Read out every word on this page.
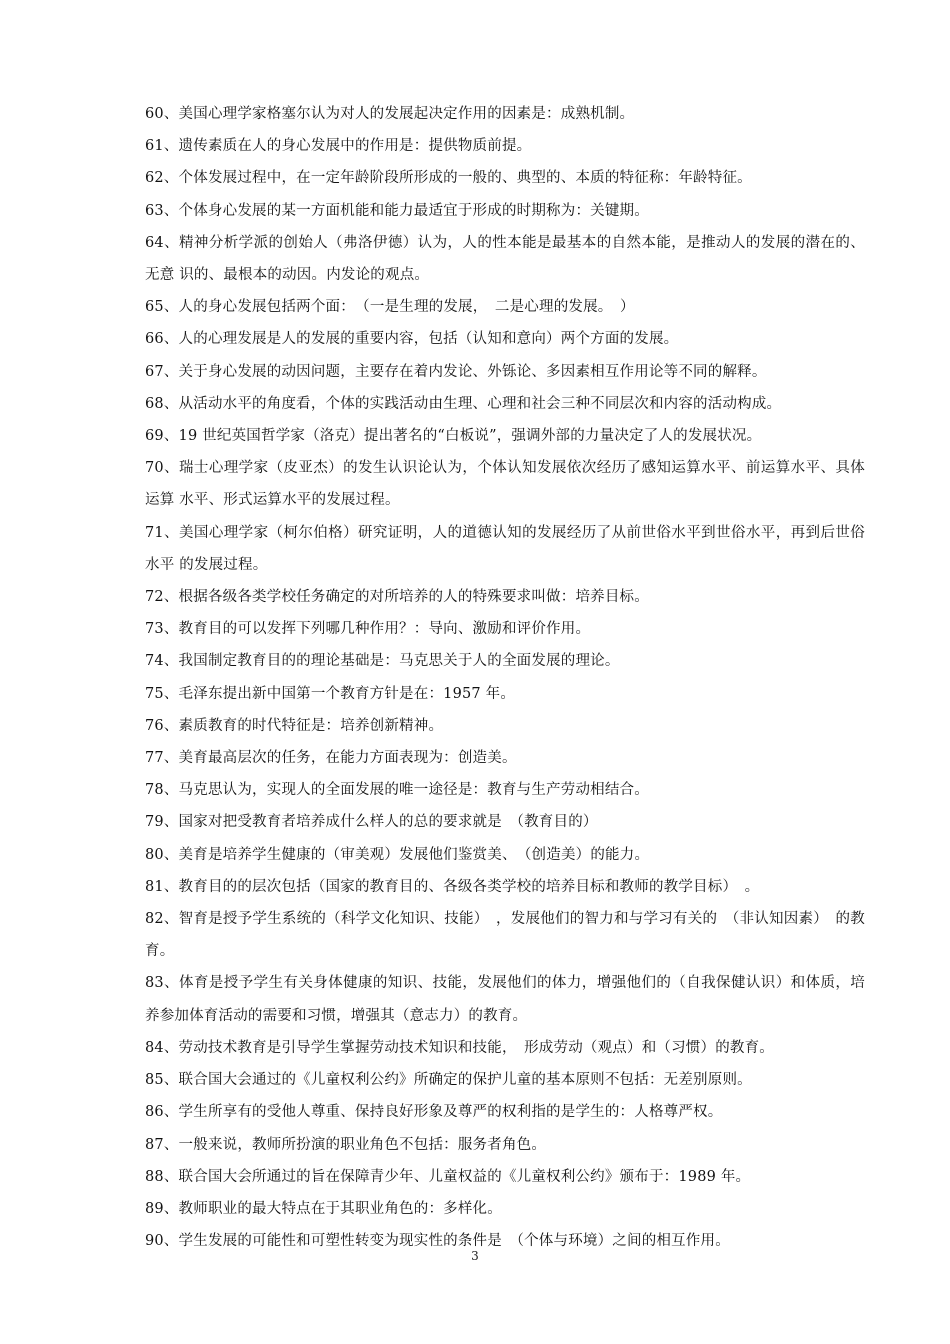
60、美国心理学家格塞尔认为对人的发展起决定作用的因素是：成熟机制。

61、遗传素质在人的身心发展中的作用是：提供物质前提。

62、个体发展过程中，在一定年龄阶段所形成的一般的、典型的、本质的特征称：年龄特征。

63、个体身心发展的某一方面机能和能力最适宜于形成的时期称为：关键期。

64、精神分析学派的创始人（弗洛伊德）认为，人的性本能是最基本的自然本能，是推动人的发展的潜在的、无意 识的、最根本的动因。内发论的观点。

65、人的身心发展包括两个面：　（一是生理的发展，　二是心理的发展。　）

66、人的心理发展是人的发展的重要内容，包括（认知和意向）两个方面的发展。

67、关于身心发展的动因问题，主要存在着内发论、外铄论、多因素相互作用论等不同的解释。

68、从活动水平的角度看，个体的实践活动由生理、心理和社会三种不同层次和内容的活动构成。

69、19 世纪英国哲学家（洛克）提出著名的“白板说”，强调外部的力量决定了人的发展状况。

70、瑞士心理学家（皮亚杰）的发生认识论认为，个体认知发展依次经历了感知运算水平、前运算水平、具体运算 水平、形式运算水平的发展过程。

71、美国心理学家（柯尔伯格）研究证明，人的道德认知的发展经历了从前世俗水平到世俗水平，再到后世俗水平 的发展过程。

72、根据各级各类学校任务确定的对所培养的人的特殊要求叫做：培养目标。

73、教育目的可以发挥下列哪几种作用？：导向、激励和评价作用。

74、我国制定教育目的的理论基础是：马克思关于人的全面发展的理论。

75、毛泽东提出新中国第一个教育方针是在：1957 年。

76、素质教育的时代特征是：培养创新精神。

77、美育最高层次的任务，在能力方面表现为：创造美。

78、马克思认为，实现人的全面发展的唯一途径是：教育与生产劳动相结合。

79、国家对把受教育者培养成什么样人的总的要求就是　（教育目的）

80、美育是培养学生健康的（审美观）发展他们鉴赏美、　（创造美）的能力。

81、教育目的的层次包括（国家的教育目的、各级各类学校的培养目标和教师的教学目标）　。

82、智育是授予学生系统的（科学文化知识、技能）　，发展他们的智力和与学习有关的　（非认知因素）　的教育。

83、体育是授予学生有关身体健康的知识、技能，发展他们的体力，增强他们的（自我保健认识）和体质，培养参加体育活动的需要和习惯，增强其（意志力）的教育。

84、劳动技术教育是引导学生掌握劳动技术知识和技能，　形成劳动（观点）和（习惯）的教育。

85、联合国大会通过的《儿童权利公约》所确定的保护儿童的基本原则不包括：无差别原则。

86、学生所享有的受他人尊重、保持良好形象及尊严的权利指的是学生的：人格尊严权。

87、一般来说，教师所扮演的职业角色不包括：服务者角色。

88、联合国大会所通过的旨在保障青少年、儿童权益的《儿童权利公约》颁布于：1989 年。

89、教师职业的最大特点在于其职业角色的：多样化。

90、学生发展的可能性和可塑性转变为现实性的条件是　（个体与环境）之间的相互作用。

3
